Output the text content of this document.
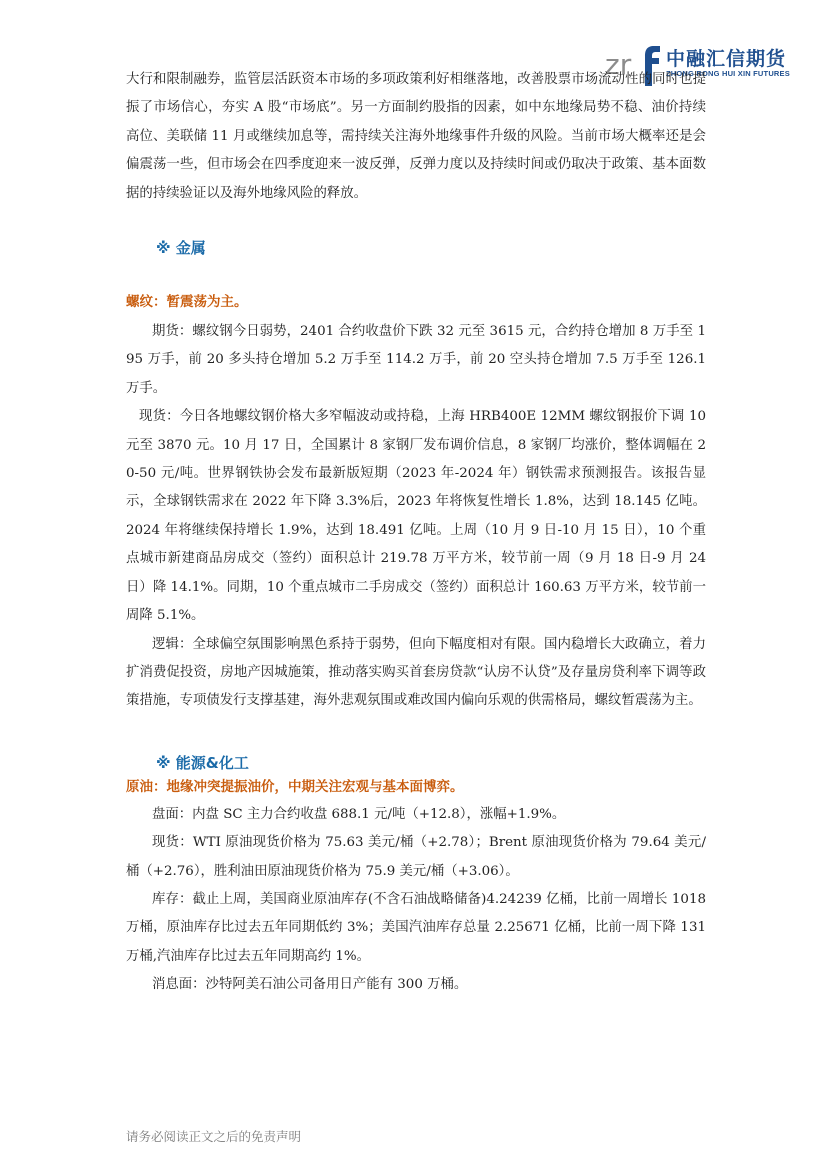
zr 中融汇信期货
ZHONG RONG HUI XIN FUTURES

大行和限制融券，监管层活跃资本市场的多项政策利好相继落地，改善股票市场流动性的同时也提振了市场信心，夯实 A 股“市场底”。另一方面制约股指的因素，如中东地缘局势不稳、油价持续高位、美联储 11 月或继续加息等，需持续关注海外地缘事件升级的风险。当前市场大概率还是会偏震荡一些，但市场会在四季度迎来一波反弹，反弹力度以及持续时间或仍取决于政策、基本面数据的持续验证以及海外地缘风险的释放。

※ 金属
螺纹：暂震荡为主。

期货：螺纹钢今日弱势，2401 合约收盘价下跌 32 元至 3615 元，合约持仓增加 8 万手至 195 万手，前 20 多头持仓增加 5.2 万手至 114.2 万手，前 20 空头持仓增加 7.5 万手至 126.1 万手。

现货：今日各地螺纹钢价格大多窄幅波动或持稳，上海 HRB400E 12MM 螺纹钢报价下调 10 元至 3870 元。10 月 17 日，全国累计 8 家钢厂发布调价信息，8 家钢厂均涨价，整体调幅在 20-50 元/吨。世界钢铁协会发布最新版短期（2023 年-2024 年）钢铁需求预测报告。该报告显示，全球钢铁需求在 2022 年下降 3.3%后，2023 年将恢复性增长 1.8%，达到 18.145 亿吨。2024 年将继续保持增长 1.9%，达到 18.491 亿吨。上周（10 月 9 日-10 月 15 日），10 个重点城市新建商品房成交（签约）面积总计 219.78 万平方米，较节前一周（9 月 18 日-9 月 24 日）降 14.1%。同期，10 个重点城市二手房成交（签约）面积总计 160.63 万平方米，较节前一周降 5.1%。

逻辑：全球偏空氛围影响黑色系持于弱势，但向下幅度相对有限。国内稳增长大政确立，着力扩消费促投资，房地产因城施策，推动落实购买首套房贷款“认房不认贷”及存量房贷利率下调等政策措施，专项债发行支撑基建，海外悲观氛围或难改国内偏向乐观的供需格局，螺纹暂震荡为主。

※ 能源&化工
原油：地缘冲突提振油价，中期关注宏观与基本面博弈。

盘面：内盘 SC 主力合约收盘 688.1 元/吨（+12.8），涨幅+1.9%。

现货：WTI 原油现货价格为 75.63 美元/桶（+2.78）；Brent 原油现货价格为 79.64 美元/桶（+2.76），胜利油田原油现货价格为 75.9 美元/桶（+3.06）。

库存：截止上周，美国商业原油库存(不含石油战略储备)4.24239 亿桶，比前一周增长 1018 万桶，原油库存比过去五年同期低约 3%；美国汽油库存总量 2.25671 亿桶，比前一周下降 131 万桶,汽油库存比过去五年同期高约 1%。

消息面：沙特阿美石油公司备用日产能有 300 万桶。

请务必阅读正文之后的免责声明
